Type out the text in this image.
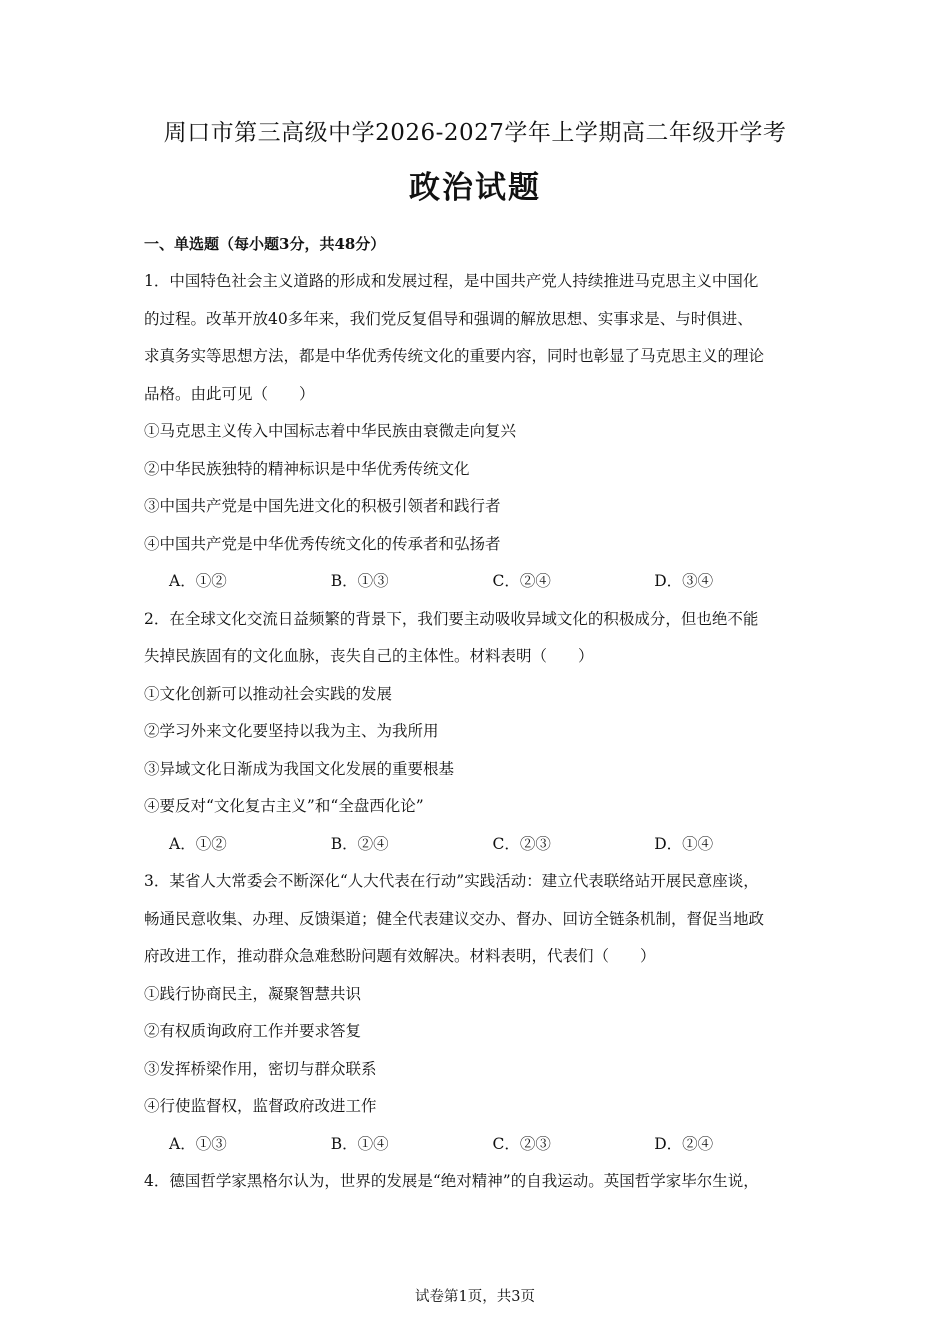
周口市第三高级中学2026-2027学年上学期高二年级开学考
政治试题
一、单选题（每小题3分，共48分）
1．中国特色社会主义道路的形成和发展过程，是中国共产党人持续推进马克思主义中国化
的过程。改革开放40多年来，我们党反复倡导和强调的解放思想、实事求是、与时俱进、
求真务实等思想方法，都是中华优秀传统文化的重要内容，同时也彰显了马克思主义的理论
品格。由此可见（　　）
①马克思主义传入中国标志着中华民族由衰微走向复兴
②中华民族独特的精神标识是中华优秀传统文化
③中国共产党是中国先进文化的积极引领者和践行者
④中国共产党是中华优秀传统文化的传承者和弘扬者
A．①②	B．①③	C．②④	D．③④
2．在全球文化交流日益频繁的背景下，我们要主动吸收异域文化的积极成分，但也绝不能
失掉民族固有的文化血脉，丧失自己的主体性。材料表明（　　）
①文化创新可以推动社会实践的发展
②学习外来文化要坚持以我为主、为我所用
③异域文化日渐成为我国文化发展的重要根基
④要反对“文化复古主义”和“全盘西化论”
A．①②	B．②④	C．②③	D．①④
3．某省人大常委会不断深化“人大代表在行动”实践活动：建立代表联络站开展民意座谈，
畅通民意收集、办理、反馈渠道；健全代表建议交办、督办、回访全链条机制，督促当地政
府改进工作，推动群众急难愁盼问题有效解决。材料表明，代表们（　　）
①践行协商民主，凝聚智慧共识
②有权质询政府工作并要求答复
③发挥桥梁作用，密切与群众联系
④行使监督权，监督政府改进工作
A．①③	B．①④	C．②③	D．②④
4．德国哲学家黑格尔认为，世界的发展是“绝对精神”的自我运动。英国哲学家毕尔生说，
试卷第1页，共3页
